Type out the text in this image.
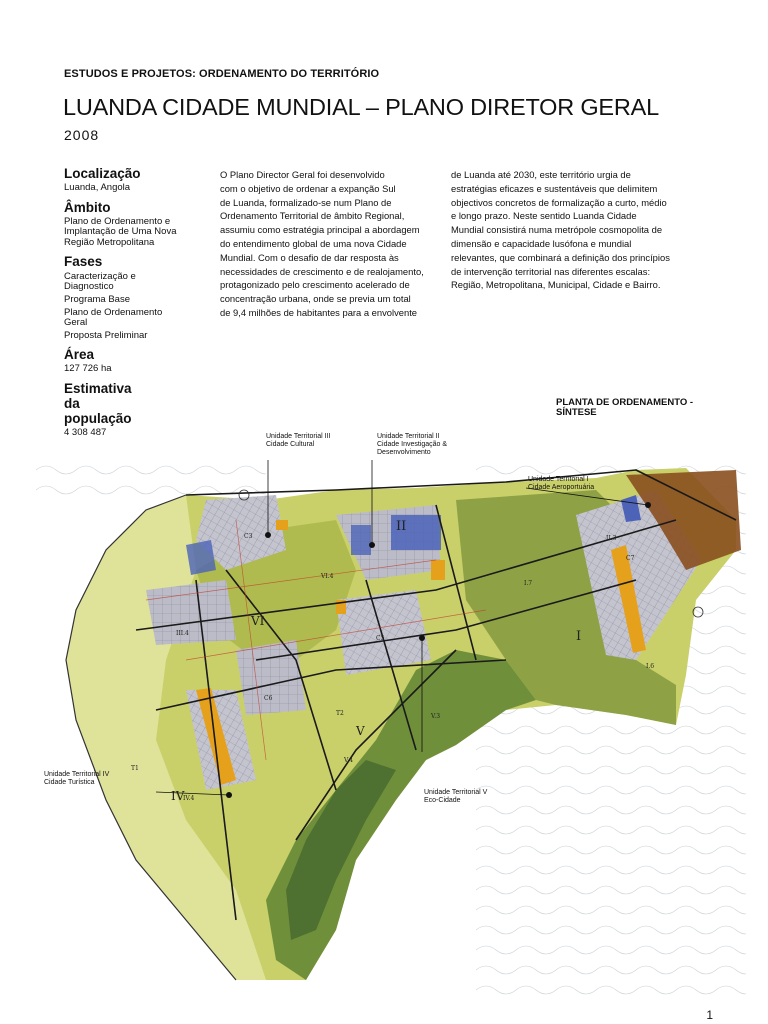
ESTUDOS E PROJETOS: ORDENAMENTO DO TERRITÓRIO
LUANDA CIDADE MUNDIAL – PLANO DIRETOR GERAL
2008
Localização
Luanda, Angola
Âmbito
Plano de Ordenamento e Implantação de Uma Nova Região Metropolitana
Fases
Caracterização e Diagnostico
Programa Base
Plano de Ordenamento Geral
Proposta Preliminar
Área
127 726 ha
Estimativa
da
população
4 308 487
O Plano Director Geral foi desenvolvido
com o objetivo de ordenar a expanção Sul
de Luanda, formalizado-se num Plano de
Ordenamento Territorial de âmbito Regional,
assumiu como estratégia principal a abordagem
do entendimento global de uma nova Cidade
Mundial. Com o desafio de dar resposta às
necessidades de crescimento e de realojamento,
protagonizado pelo crescimento acelerado de
concentração urbana, onde se previa um total
de 9,4 milhões de habitantes para a envolvente
de Luanda até 2030, este território urgia de
estratégias eficazes e sustentáveis que delimitem
objectivos concretos de formalização a curto, médio
e longo prazo. Neste sentido Luanda Cidade
Mundial consistirá numa metrópole cosmopolita de
dimensão e capacidade lusófona e mundial
relevantes, que combinará a definição dos princípios
de intervenção territorial nas diferentes escalas:
Região, Metropolitana, Municipal, Cidade e Bairro.
PLANTA DE ORDENAMENTO - SÍNTESE
I
II
IV
V
VI
I.7
I.6
VI.4
V.3
V.4
IV.4
III.4
II.3
C3
C5
C6
C7
T1
T2
Unidade Territorial III
Cidade Cultural
Unidade Territorial II
Cidade Investigação &
Desenvolvimento
Unidade Territorial I
Cidade Aeroportuária
Unidade Territorial IV
Cidade Turística
Unidade Territorial V
Eco-Cidade
1
